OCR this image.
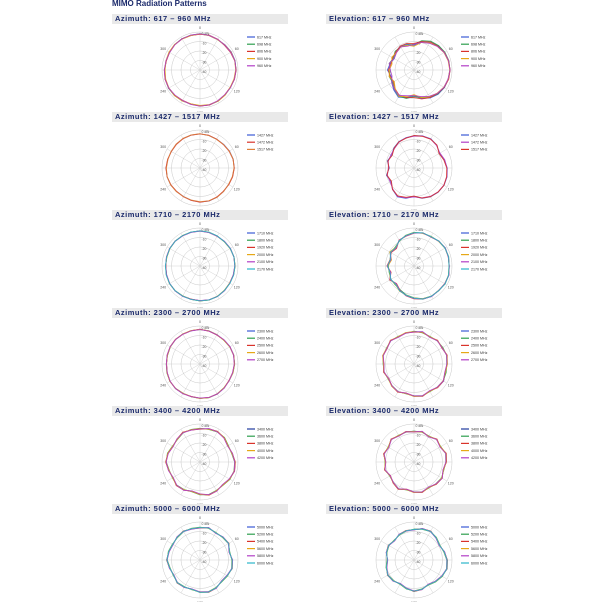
MIMO Radiation Patterns
Azimuth: 617 – 960 MHz
0 dBi
-10
-20
-30
-40
0
60
120
240
300
617 MHz
698 MHz
806 MHz
900 MHz
960 MHz
Elevation: 617 – 960 MHz
0 dBi
-10
-20
-30
-40
0
60
120
240
300
617 MHz
698 MHz
806 MHz
900 MHz
960 MHz
Azimuth: 1427 – 1517 MHz
0 dBi
-10
-20
-30
-40
0
60
120
240
300
1427 MHz
1472 MHz
1517 MHz
Elevation: 1427 – 1517 MHz
0 dBi
-10
-20
-30
-40
0
60
120
240
300
1427 MHz
1472 MHz
1517 MHz
Azimuth: 1710 – 2170 MHz
0 dBi
-10
-20
-30
-40
0
60
120
240
300
1710 MHz
1800 MHz
1920 MHz
2000 MHz
2100 MHz
2170 MHz
Elevation: 1710 – 2170 MHz
0 dBi
-10
-20
-30
-40
0
60
120
240
300
1710 MHz
1800 MHz
1920 MHz
2000 MHz
2100 MHz
2170 MHz
Azimuth: 2300 – 2700 MHz
0 dBi
-10
-20
-30
-40
0
60
120
240
300
2300 MHz
2400 MHz
2500 MHz
2600 MHz
2700 MHz
Elevation: 2300 – 2700 MHz
0 dBi
-10
-20
-30
-40
0
60
120
240
300
2300 MHz
2400 MHz
2500 MHz
2600 MHz
2700 MHz
Azimuth: 3400 – 4200 MHz
0 dBi
-10
-20
-30
-40
0
60
120
240
300
3400 MHz
3600 MHz
3800 MHz
4000 MHz
4200 MHz
Elevation: 3400 – 4200 MHz
0 dBi
-10
-20
-30
-40
0
60
120
240
300
3400 MHz
3600 MHz
3800 MHz
4000 MHz
4200 MHz
Azimuth: 5000 – 6000 MHz
0 dBi
-10
-20
-30
-40
0
60
120
240
300
5000 MHz
5200 MHz
5400 MHz
5600 MHz
5800 MHz
6000 MHz
Elevation: 5000 – 6000 MHz
0 dBi
-10
-20
-30
-40
0
60
120
240
300
5000 MHz
5200 MHz
5400 MHz
5600 MHz
5800 MHz
6000 MHz
